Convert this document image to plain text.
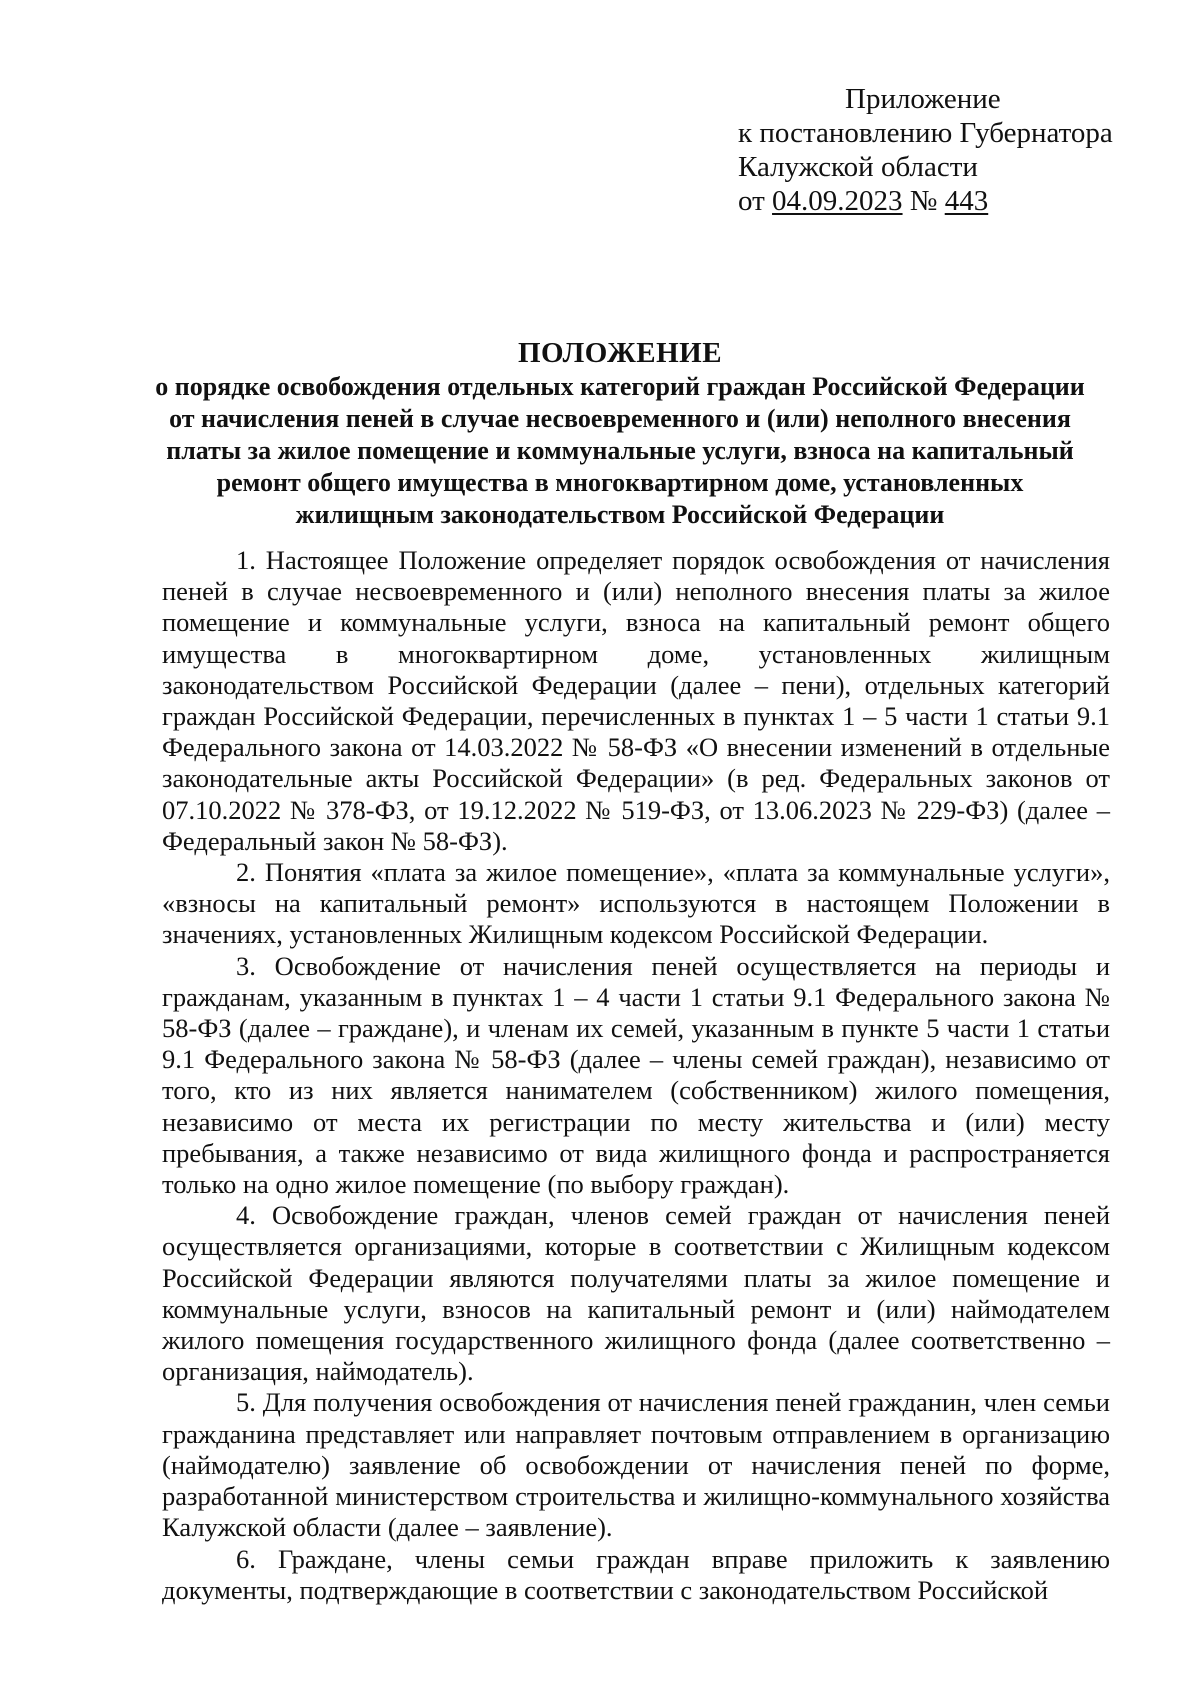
Приложение
к постановлению Губернатора
Калужской области
от 04.09.2023 № 443
ПОЛОЖЕНИЕ
о порядке освобождения отдельных категорий граждан Российской Федерации
от начисления пеней в случае несвоевременного и (или) неполного внесения
платы за жилое помещение и коммунальные услуги, взноса на капитальный
ремонт общего имущества в многоквартирном доме, установленных
жилищным законодательством Российской Федерации

1. Настоящее Положение определяет порядок освобождения от начисления пеней в случае несвоевременного и (или) неполного внесения платы за жилое помещение и коммунальные услуги, взноса на капитальный ремонт общего имущества в многоквартирном доме, установленных жилищным законодательством Российской Федерации (далее – пени), отдельных категорий граждан Российской Федерации, перечисленных в пунктах 1 – 5 части 1 статьи 9.1 Федерального закона от 14.03.2022 № 58-ФЗ «О внесении изменений в отдельные законодательные акты Российской Федерации» (в ред. Федеральных законов от 07.10.2022 № 378-ФЗ, от 19.12.2022 № 519-ФЗ, от 13.06.2023 № 229-ФЗ) (далее – Федеральный закон № 58-ФЗ).

2. Понятия «плата за жилое помещение», «плата за коммунальные услуги», «взносы на капитальный ремонт» используются в настоящем Положении в значениях, установленных Жилищным кодексом Российской Федерации.

3. Освобождение от начисления пеней осуществляется на периоды и гражданам, указанным в пунктах 1 – 4 части 1 статьи 9.1 Федерального закона № 58-ФЗ (далее – граждане), и членам их семей, указанным в пункте 5 части 1 статьи 9.1 Федерального закона № 58-ФЗ (далее – члены семей граждан), независимо от того, кто из них является нанимателем (собственником) жилого помещения, независимо от места их регистрации по месту жительства и (или) месту пребывания, а также независимо от вида жилищного фонда и распространяется только на одно жилое помещение (по выбору граждан).

4. Освобождение граждан, членов семей граждан от начисления пеней осуществляется организациями, которые в соответствии с Жилищным кодексом Российской Федерации являются получателями платы за жилое помещение и коммунальные услуги, взносов на капитальный ремонт и (или) наймодателем жилого помещения государственного жилищного фонда (далее соответственно – организация, наймодатель).

5. Для получения освобождения от начисления пеней гражданин, член семьи гражданина представляет или направляет почтовым отправлением в организацию (наймодателю) заявление об освобождении от начисления пеней по форме, разработанной министерством строительства и жилищно-коммунального хозяйства Калужской области (далее – заявление).

6. Граждане, члены семьи граждан вправе приложить к заявлению документы, подтверждающие в соответствии с законодательством Российской
